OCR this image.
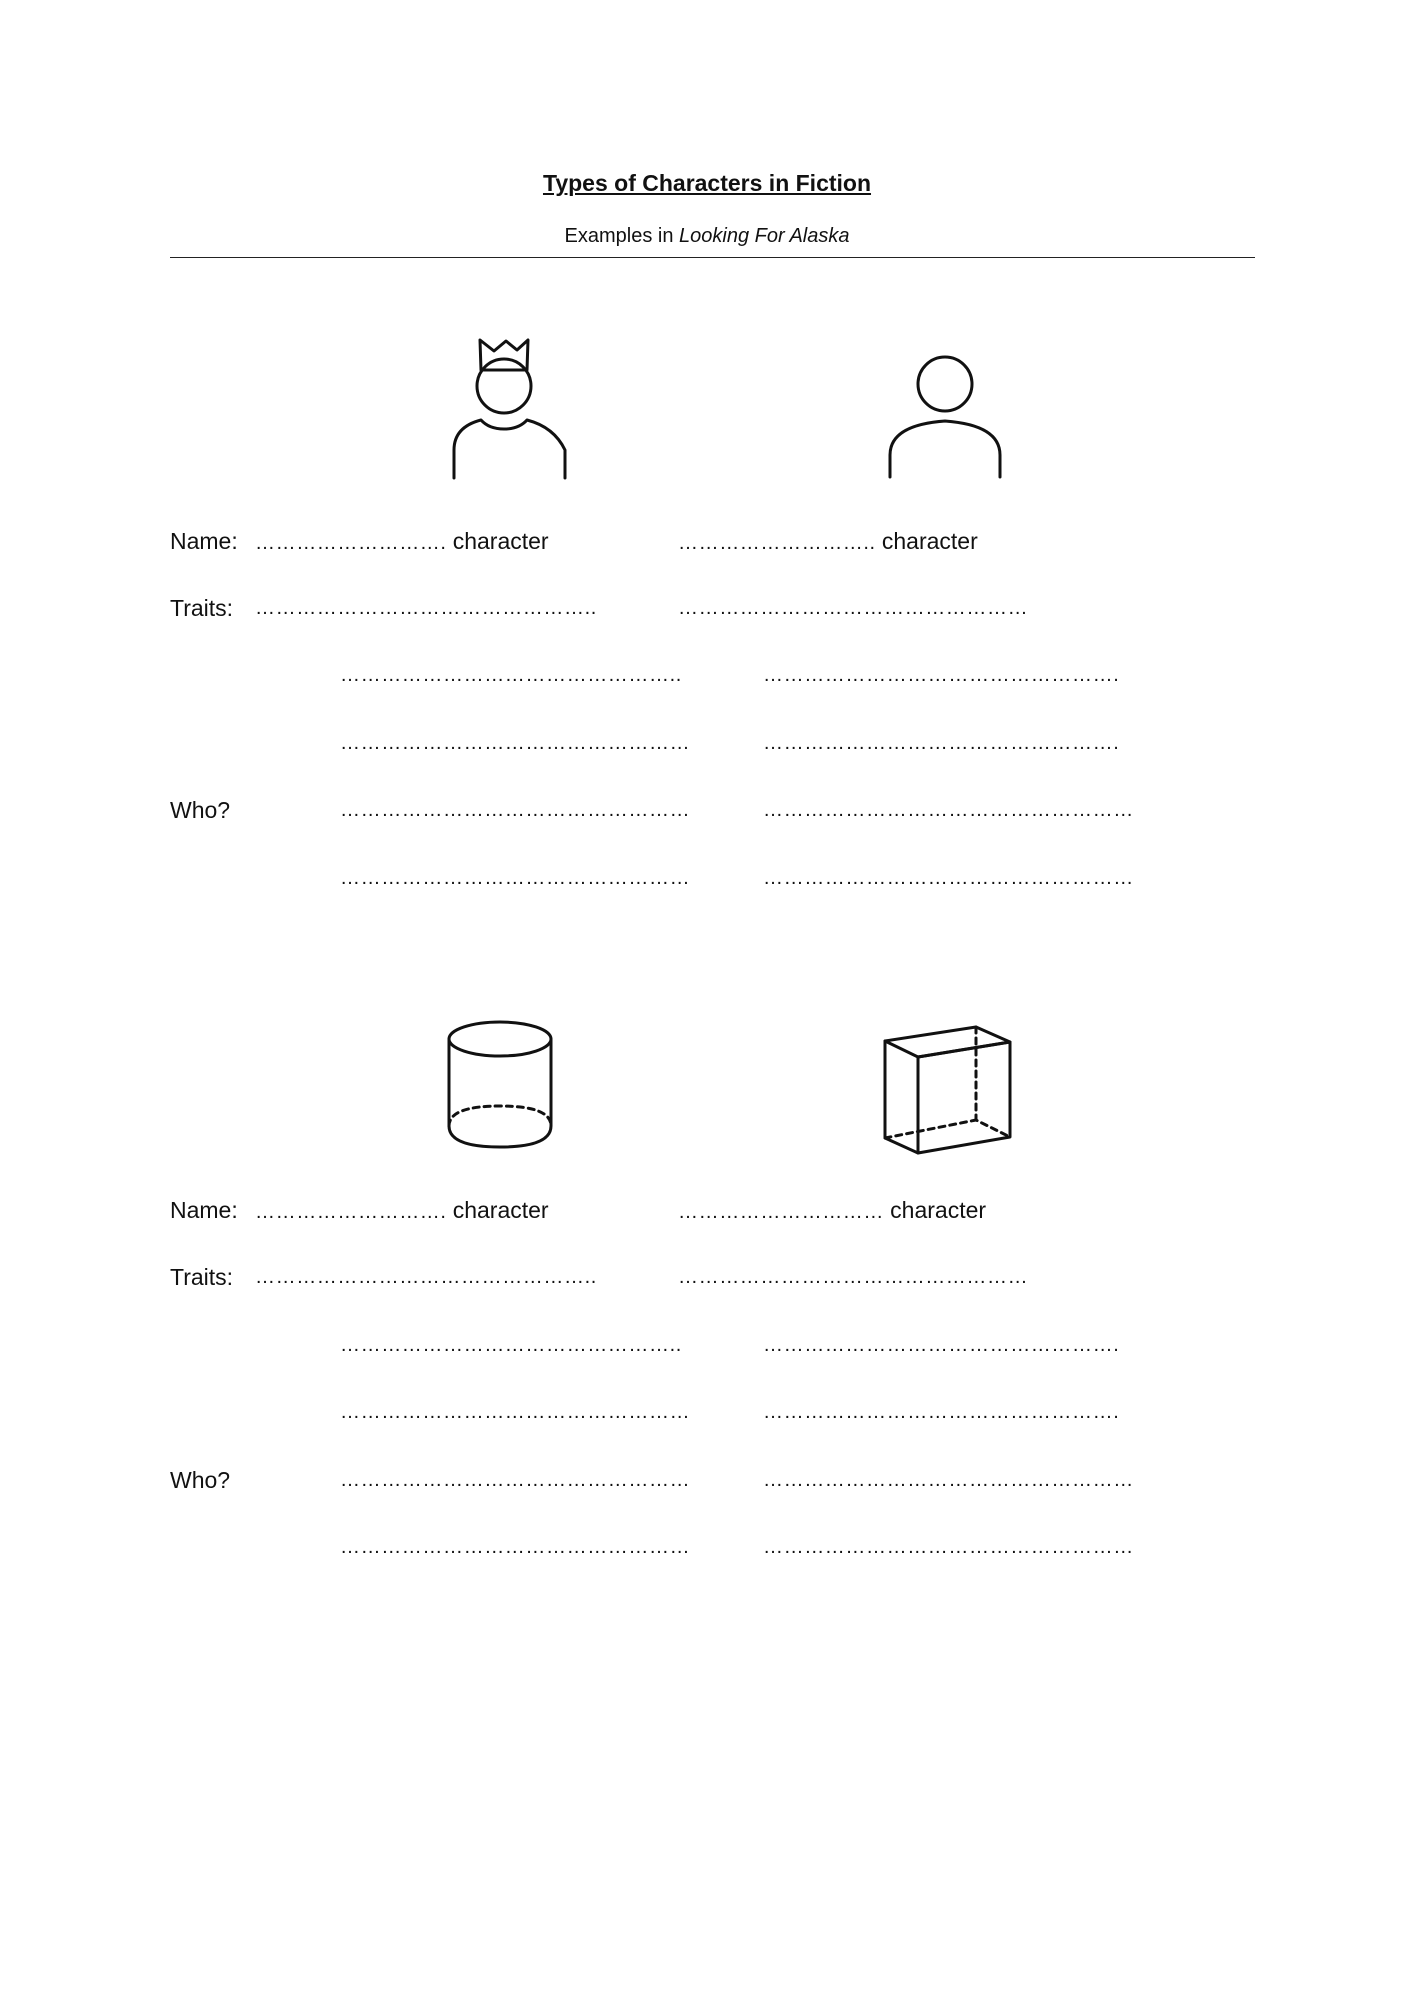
Types of Characters in Fiction
Examples in Looking For Alaska
Name: ………………………. character
Traits: …………………………………………..
…………………………………………..
……………………………………………
Who?	……………………………………………
……………………………………………
……………………….. character
……………………………………………
…………………………………………….
…………………………………………….
………………………………………………
………………………………………………
Name: ………………………. character
Traits: …………………………………………..
…………………………………………..
……………………………………………
Who?	……………………………………………
……………………………………………
………………………… character
……………………………………………
…………………………………………….
…………………………………………….
………………………………………………
………………………………………………
